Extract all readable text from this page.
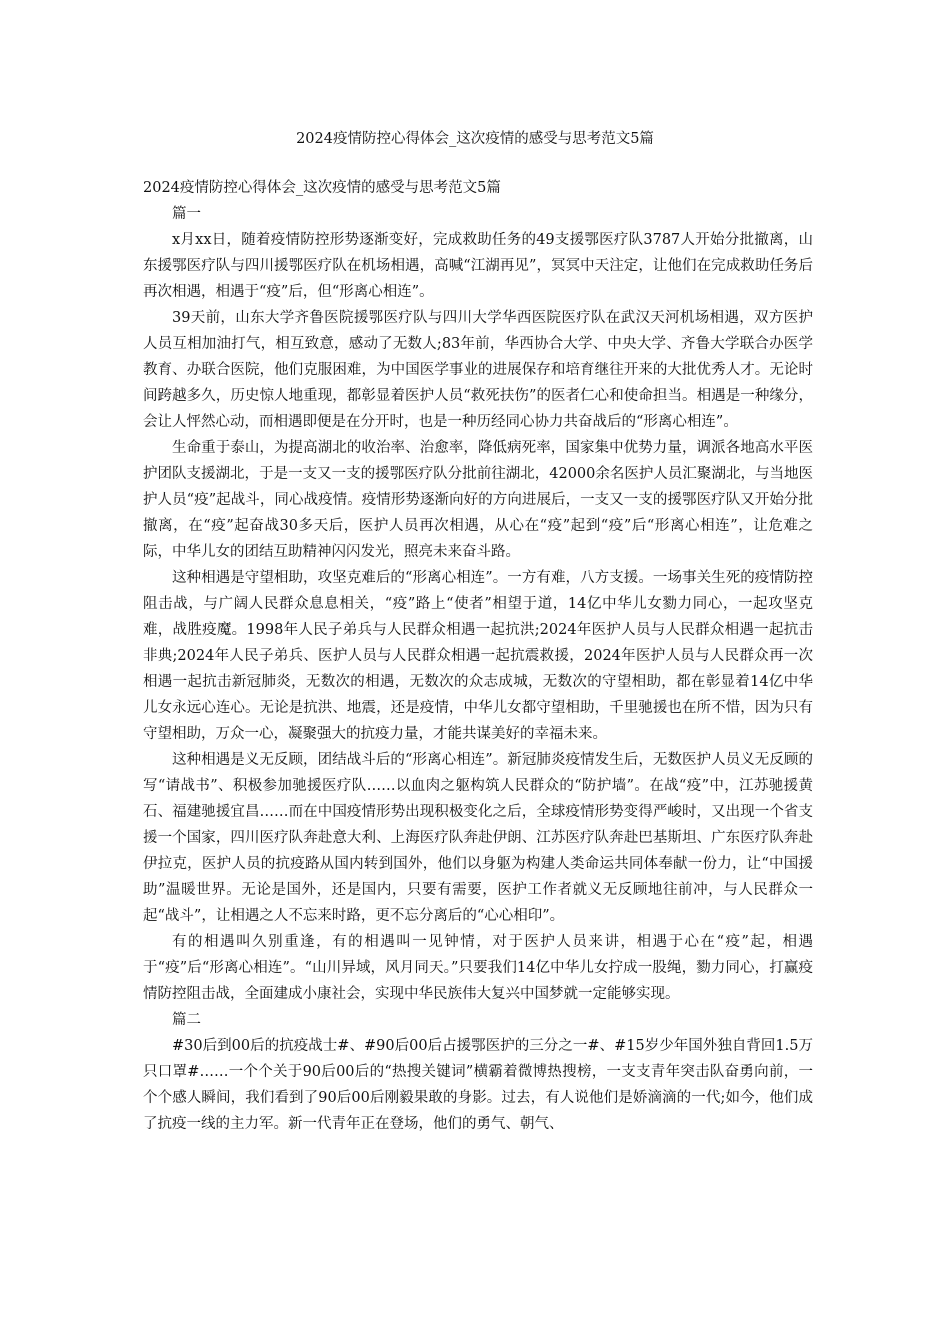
2024疫情防控心得体会_这次疫情的感受与思考范文5篇

2024疫情防控心得体会_这次疫情的感受与思考范文5篇

篇一

x月xx日，随着疫情防控形势逐渐变好，完成救助任务的49支援鄂医疗队3787人开始分批撤离，山东援鄂医疗队与四川援鄂医疗队在机场相遇，高喊“江湖再见”，冥冥中天注定，让他们在完成救助任务后再次相遇，相遇于“疫”后，但“形离心相连”。

39天前，山东大学齐鲁医院援鄂医疗队与四川大学华西医院医疗队在武汉天河机场相遇，双方医护人员互相加油打气，相互致意，感动了无数人;83年前，华西协合大学、中央大学、齐鲁大学联合办医学教育、办联合医院，他们克服困难，为中国医学事业的进展保存和培育继往开来的大批优秀人才。无论时间跨越多久，历史惊人地重现，都彰显着医护人员“救死扶伤”的医者仁心和使命担当。相遇是一种缘分，会让人怦然心动，而相遇即便是在分开时，也是一种历经同心协力共奋战后的“形离心相连”。

生命重于泰山，为提高湖北的收治率、治愈率，降低病死率，国家集中优势力量，调派各地高水平医护团队支援湖北，于是一支又一支的援鄂医疗队分批前往湖北，42000余名医护人员汇聚湖北，与当地医护人员“疫”起战斗，同心战疫情。疫情形势逐渐向好的方向进展后，一支又一支的援鄂医疗队又开始分批撤离，在“疫”起奋战30多天后，医护人员再次相遇，从心在“疫”起到“疫”后“形离心相连”，让危难之际，中华儿女的团结互助精神闪闪发光，照亮未来奋斗路。

这种相遇是守望相助，攻坚克难后的“形离心相连”。一方有难，八方支援。一场事关生死的疫情防控阻击战，与广阔人民群众息息相关，“疫”路上“使者”相望于道，14亿中华儿女勠力同心，一起攻坚克难，战胜疫魔。1998年人民子弟兵与人民群众相遇一起抗洪;2024年医护人员与人民群众相遇一起抗击非典;2024年人民子弟兵、医护人员与人民群众相遇一起抗震救援，2024年医护人员与人民群众再一次相遇一起抗击新冠肺炎，无数次的相遇，无数次的众志成城，无数次的守望相助，都在彰显着14亿中华儿女永远心连心。无论是抗洪、地震，还是疫情，中华儿女都守望相助，千里驰援也在所不惜，因为只有守望相助，万众一心，凝聚强大的抗疫力量，才能共谋美好的幸福未来。

这种相遇是义无反顾，团结战斗后的“形离心相连”。新冠肺炎疫情发生后，无数医护人员义无反顾的写“请战书”、积极参加驰援医疗队……以血肉之躯构筑人民群众的“防护墙”。在战“疫”中，江苏驰援黄石、福建驰援宜昌……而在中国疫情形势出现积极变化之后，全球疫情形势变得严峻时，又出现一个省支援一个国家，四川医疗队奔赴意大利、上海医疗队奔赴伊朗、江苏医疗队奔赴巴基斯坦、广东医疗队奔赴伊拉克，医护人员的抗疫路从国内转到国外，他们以身躯为构建人类命运共同体奉献一份力，让“中国援助”温暖世界。无论是国外，还是国内，只要有需要，医护工作者就义无反顾地往前冲，与人民群众一起“战斗”，让相遇之人不忘来时路，更不忘分离后的“心心相印”。

有的相遇叫久别重逢，有的相遇叫一见钟情，对于医护人员来讲，相遇于心在“疫”起，相遇于“疫”后“形离心相连”。“山川异域，风月同天。”只要我们14亿中华儿女拧成一股绳，勠力同心，打赢疫情防控阻击战，全面建成小康社会，实现中华民族伟大复兴中国梦就一定能够实现。

篇二

#30后到00后的抗疫战士#、#90后00后占援鄂医护的三分之一#、#15岁少年国外独自背回1.5万只口罩#……一个个关于90后00后的“热搜关键词”横霸着微博热搜榜，一支支青年突击队奋勇向前，一个个感人瞬间，我们看到了90后00后刚毅果敢的身影。过去，有人说他们是娇滴滴的一代;如今，他们成了抗疫一线的主力军。新一代青年正在登场，他们的勇气、朝气、
